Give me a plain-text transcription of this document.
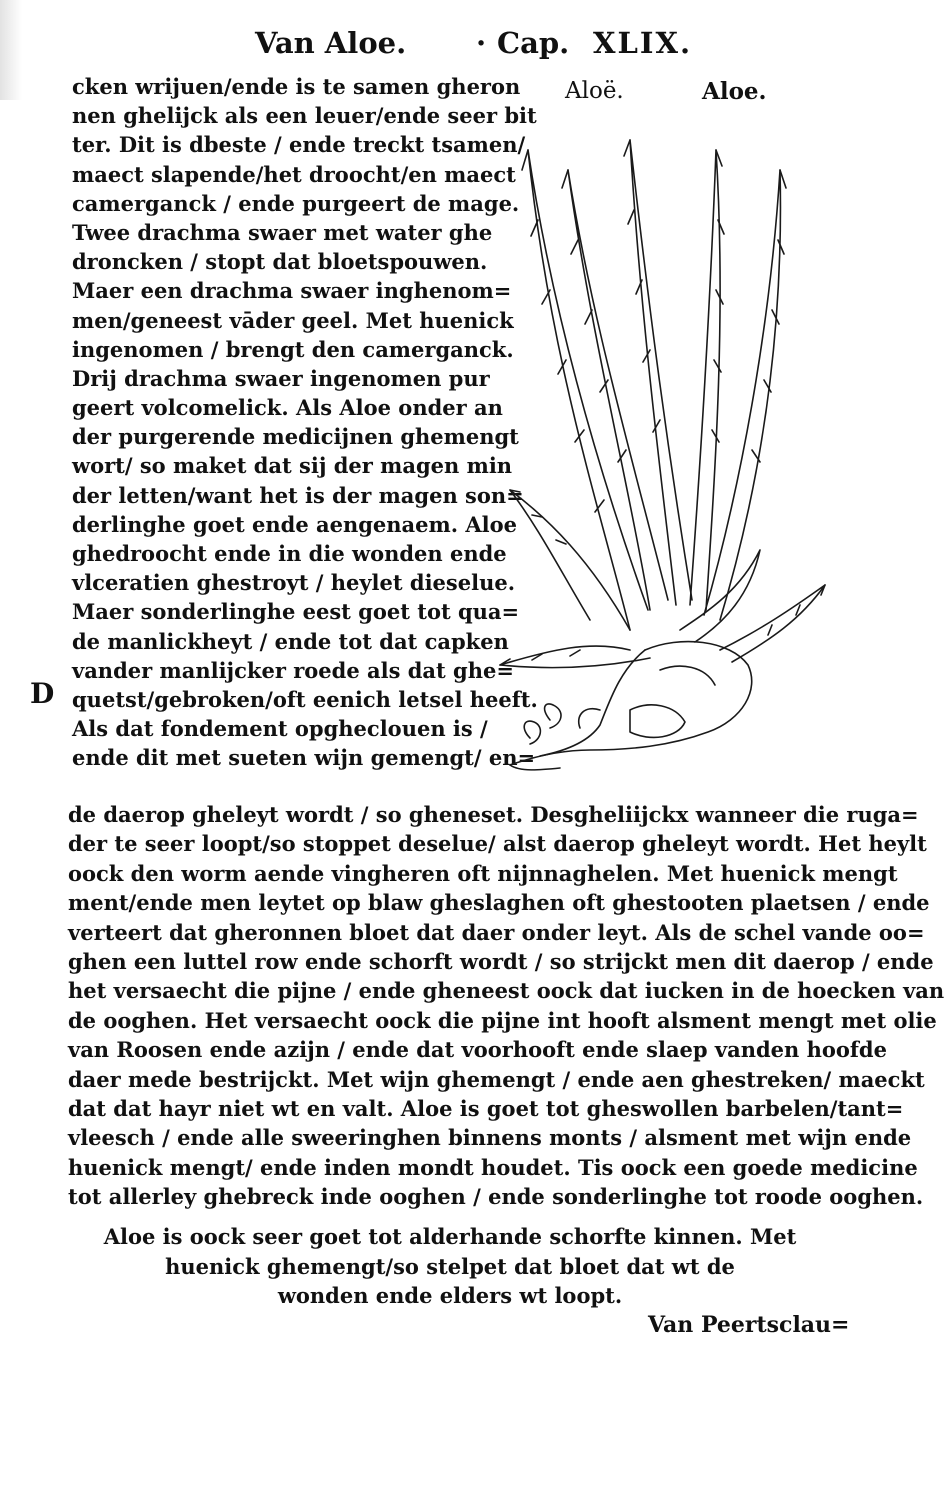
Van Aloe. · Cap. XLIX.
Aloë.	Aloe.
cken wrijuen/ende is te samen gheron
nen ghelijck als een leuer/ende seer bit
ter. Dit is dbeste / ende treckt tsamen/
maect slapende/het droocht/en maect
camerganck / ende purgeert de mage.
Twee drachma swaer met water ghe
droncken / stopt dat bloetspouwen.
Maer een drachma swaer inghenom=
men/geneest vāder geel. Met huenick
ingenomen / brengt den camerganck.
Drij drachma swaer ingenomen pur
geert volcomelick. Als Aloe onder an
der purgerende medicijnen ghemengt
wort/ so maket dat sij der magen min
der letten/want het is der magen son=
derlinghe goet ende aengenaem. Aloe
ghedroocht ende in die wonden ende
vlceratien ghestroyt / heylet dieselue.
Maer sonderlinghe eest goet tot qua=
de manlickheyt / ende tot dat capken
vander manlijcker roede als dat ghe=
quetst/gebroken/oft eenich letsel heeft.
Als dat fondement opgheclouen is /
ende dit met sueten wijn gemengt/ en=
D
de daerop gheleyt wordt / so gheneset. Desgheliijckx wanneer die ruga=
der te seer loopt/so stoppet deselue/ alst daerop gheleyt wordt. Het heylt
oock den worm aende vingheren oft nijnnaghelen. Met huenick mengt
ment/ende men leytet op blaw gheslaghen oft ghestooten plaetsen / ende
verteert dat gheronnen bloet dat daer onder leyt. Als de schel vande oo=
ghen een luttel row ende schorft wordt / so strijckt men dit daerop / ende
het versaecht die pijne / ende gheneest oock dat iucken in de hoecken van
de ooghen. Het versaecht oock die pijne int hooft alsment mengt met olie
van Roosen ende azijn / ende dat voorhooft ende slaep vanden hoofde
daer mede bestrijckt. Met wijn ghemengt / ende aen ghestreken/ maeckt
dat dat hayr niet wt en valt. Aloe is goet tot gheswollen barbelen/tant=
vleesch / ende alle sweeringhen binnens monts / alsment met wijn ende
huenick mengt/ ende inden mondt houdet. Tis oock een goede medicine
tot allerley ghebreck inde ooghen / ende sonderlinghe tot roode ooghen.
Aloe is oock seer goet tot alderhande schorfte kinnen. Met
huenick ghemengt/so stelpet dat bloet dat wt de
wonden ende elders wt loopt.
Van Peertsclau=
